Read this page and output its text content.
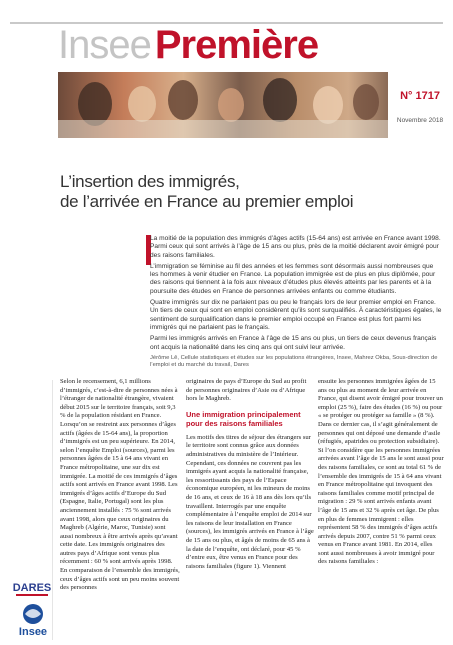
Insee Première
N° 1717
Novembre 2018
L’insertion des immigrés,
de l’arrivée en France au premier emploi

La moitié de la population des immigrés d’âges actifs (15-64 ans) est arrivée en France avant 1998. Parmi ceux qui sont arrivés à l’âge de 15 ans ou plus, près de la moitié déclarent avoir émigré pour des raisons familiales.

L’immigration se féminise au fil des années et les femmes sont désormais aussi nombreuses que les hommes à venir étudier en France. La population immigrée est de plus en plus diplômée, pour des raisons qui tiennent à la fois aux niveaux d’études plus élevés atteints par les parents et à la poursuite des études en France de personnes arrivées enfants ou comme étudiants.

Quatre immigrés sur dix ne parlaient pas ou peu le français lors de leur premier emploi en France. Un tiers de ceux qui sont en emploi considèrent qu’ils sont surqualifiés. À caractéristiques égales, le sentiment de surqualification dans le premier emploi occupé en France est plus fort parmi les immigrés qui ne parlaient pas le français.

Parmi les immigrés arrivés en France à l’âge de 15 ans ou plus, un tiers de ceux devenus français ont acquis la nationalité dans les cinq ans qui ont suivi leur arrivée.

Jérôme Lê, Cellule statistiques et études sur les populations étrangères, Insee, Mahrez Okba, Sous-direction de l’emploi et du marché du travail, Dares

Selon le recensement, 6,1 millions d’immigrés, c’est-à-dire de personnes nées à l’étranger de nationalité étrangère, vivaient début 2015 sur le territoire français, soit 9,3 % de la population résidant en France. Lorsqu’on se restreint aux personnes d’âges actifs (âgées de 15-64 ans), la proportion d’immigrés est un peu supérieure. En 2014, selon l’enquête Emploi (sources), parmi les personnes âgées de 15 à 64 ans vivant en France métropolitaine, une sur dix est immigrée. La moitié de ces immigrés d’âges actifs sont arrivés en France avant 1998. Les immigrés d’âges actifs d’Europe du Sud (Espagne, Italie, Portugal) sont les plus anciennement installés : 75 % sont arrivés avant 1998, alors que ceux originaires du Maghreb (Algérie, Maroc, Tunisie) sont aussi nombreux à être arrivés après qu’avant cette date. Les immigrés originaires des autres pays d’Afrique sont venus plus récemment : 60 % sont arrivés après 1998. En comparaison de l’ensemble des immigrés, ceux d’âges actifs sont un peu moins souvent des personnes

originaires de pays d’Europe du Sud au profit de personnes originaires d’Asie ou d’Afrique hors le Maghreb.

Une immigration principalement pour des raisons familiales

Les motifs des titres de séjour des étrangers sur le territoire sont connus grâce aux données administratives du ministère de l’Intérieur. Cependant, ces données ne couvrent pas les immigrés ayant acquis la nationalité française, les ressortissants des pays de l’Espace économique européen, ni les mineurs de moins de 16 ans, et ceux de 16 à 18 ans dès lors qu’ils travaillent. Interrogés par une enquête complémentaire à l’enquête emploi de 2014 sur les raisons de leur installation en France (sources), les immigrés arrivés en France à l’âge de 15 ans ou plus, et âgés de moins de 65 ans à la date de l’enquête, ont déclaré, pour 45 % d’entre eux, être venus en France pour des raisons familiales (figure 1). Viennent

ensuite les personnes immigrées âgées de 15 ans ou plus au moment de leur arrivée en France, qui disent avoir émigré pour trouver un emploi (25 %), faire des études (16 %) ou pour « se protéger ou protéger sa famille » (8 %). Dans ce dernier cas, il s’agit généralement de personnes qui ont déposé une demande d’asile (réfugiés, apatrides ou protection subsidiaire). Si l’on considère que les personnes immigrées arrivées avant l’âge de 15 ans le sont aussi pour des raisons familiales, ce sont au total 61 % de l’ensemble des immigrés de 15 à 64 ans vivant en France métropolitaine qui invoquent des raisons familiales comme motif principal de migration : 29 % sont arrivés enfants avant l’âge de 15 ans et 32 % après cet âge. De plus en plus de femmes immigrent : elles représentent 58 % des immigrés d’âges actifs arrivés depuis 2007, contre 51 % parmi ceux venus en France avant 1981. En 2014, elles sont aussi nombreuses à avoir immigré pour des raisons familiales :

DARES
Insee
